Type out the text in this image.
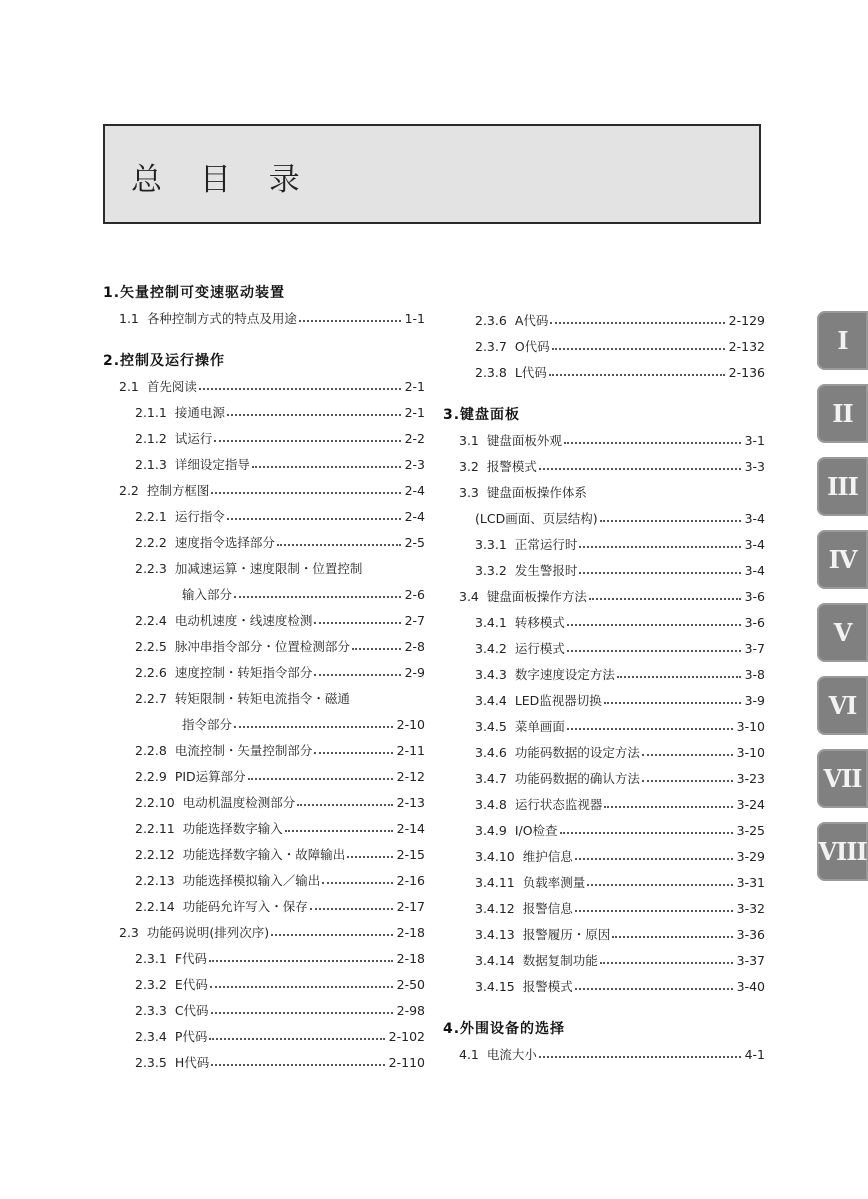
总 目 录
1.矢量控制可变速驱动装置
1.1 各种控制方式的特点及用途	1-1
2.控制及运行操作
2.1 首先阅读	2-1
2.1.1 接通电源	2-1
2.1.2 试运行	2-2
2.1.3 详细设定指导	2-3
2.2 控制方框图	2-4
2.2.1 运行指令	2-4
2.2.2 速度指令选择部分	2-5
2.2.3 加减速运算・速度限制・位置控制
输入部分	2-6
2.2.4 电动机速度・线速度检测	2-7
2.2.5 脉冲串指令部分・位置检测部分	2-8
2.2.6 速度控制・转矩指令部分	2-9
2.2.7 转矩限制・转矩电流指令・磁通
指令部分	2-10
2.2.8 电流控制・矢量控制部分	2-11
2.2.9 PID运算部分	2-12
2.2.10 电动机温度检测部分	2-13
2.2.11 功能选择数字输入	2-14
2.2.12 功能选择数字输入・故障输出	2-15
2.2.13 功能选择模拟输入／输出	2-16
2.2.14 功能码允许写入・保存	2-17
2.3 功能码说明(排列次序)	2-18
2.3.1 F代码	2-18
2.3.2 E代码	2-50
2.3.3 C代码	2-98
2.3.4 P代码	2-102
2.3.5 H代码	2-110
2.3.6 A代码	2-129
2.3.7 O代码	2-132
2.3.8 L代码	2-136
3.键盘面板
3.1 键盘面板外观	3-1
3.2 报警模式	3-3
3.3 键盘面板操作体系
(LCD画面、页层结构)	3-4
3.3.1 正常运行时	3-4
3.3.2 发生警报时	3-4
3.4 键盘面板操作方法	3-6
3.4.1 转移模式	3-6
3.4.2 运行模式	3-7
3.4.3 数字速度设定方法	3-8
3.4.4 LED监视器切换	3-9
3.4.5 菜单画面	3-10
3.4.6 功能码数据的设定方法	3-10
3.4.7 功能码数据的确认方法	3-23
3.4.8 运行状态监视器	3-24
3.4.9 I/O检查	3-25
3.4.10 维护信息	3-29
3.4.11 负载率测量	3-31
3.4.12 报警信息	3-32
3.4.13 报警履历・原因	3-36
3.4.14 数据复制功能	3-37
3.4.15 报警模式	3-40
4.外围设备的选择
4.1 电流大小	4-1
I
II
III
IV
V
VI
VII
VIII
